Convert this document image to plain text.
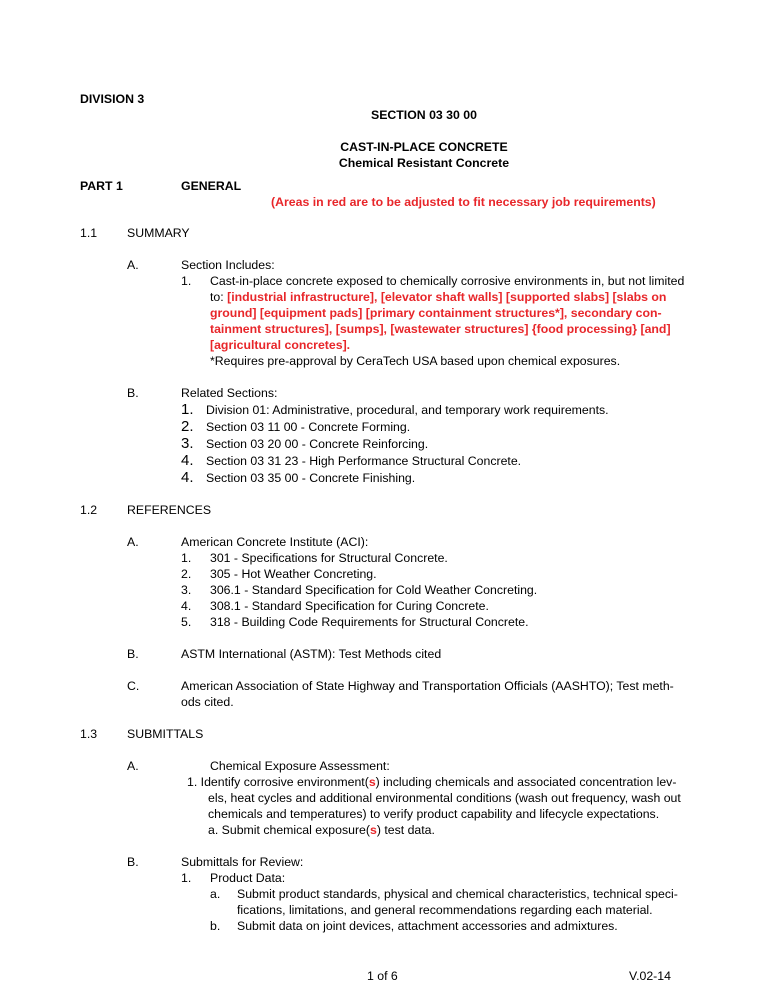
DIVISION 3
SECTION 03 30 00
CAST-IN-PLACE CONCRETE
Chemical Resistant Concrete
PART 1	GENERAL
(Areas in red are to be adjusted to fit necessary job requirements)
1.1 SUMMARY
A.	Section Includes:
1. Cast-in-place concrete exposed to chemically corrosive environments in, but not limited
to: [industrial infrastructure], [elevator shaft walls] [supported slabs] [slabs on
ground] [equipment pads] [primary containment structures*], secondary con-
tainment structures], [sumps], [wastewater structures] {food processing} [and]
[agricultural concretes].
*Requires pre-approval by CeraTech USA based upon chemical exposures.
B.	Related Sections:
1. Division 01: Administrative, procedural, and temporary work requirements.
2. Section 03 11 00 - Concrete Forming.
3. Section 03 20 00 - Concrete Reinforcing.
4. Section 03 31 23 - High Performance Structural Concrete.
4. Section 03 35 00 - Concrete Finishing.
1.2 REFERENCES
A.	American Concrete Institute (ACI):
1. 301 - Specifications for Structural Concrete.
2. 305 - Hot Weather Concreting.
3. 306.1 - Standard Specification for Cold Weather Concreting.
4. 308.1 - Standard Specification for Curing Concrete.
5. 318 - Building Code Requirements for Structural Concrete.
B.	ASTM International (ASTM): Test Methods cited
C.	American Association of State Highway and Transportation Officials (AASHTO); Test meth-
ods cited.
1.3 SUBMITTALS
A.	Chemical Exposure Assessment:
1. Identify corrosive environment(s) including chemicals and associated concentration lev-
els, heat cycles and additional environmental conditions (wash out frequency, wash out
chemicals and temperatures) to verify product capability and lifecycle expectations.
a. Submit chemical exposure(s) test data.
B.	Submittals for Review:
1. Product Data:
a. Submit product standards, physical and chemical characteristics, technical speci-
fications, limitations, and general recommendations regarding each material.
b. Submit data on joint devices, attachment accessories and admixtures.
1 of 6	V.02-14
